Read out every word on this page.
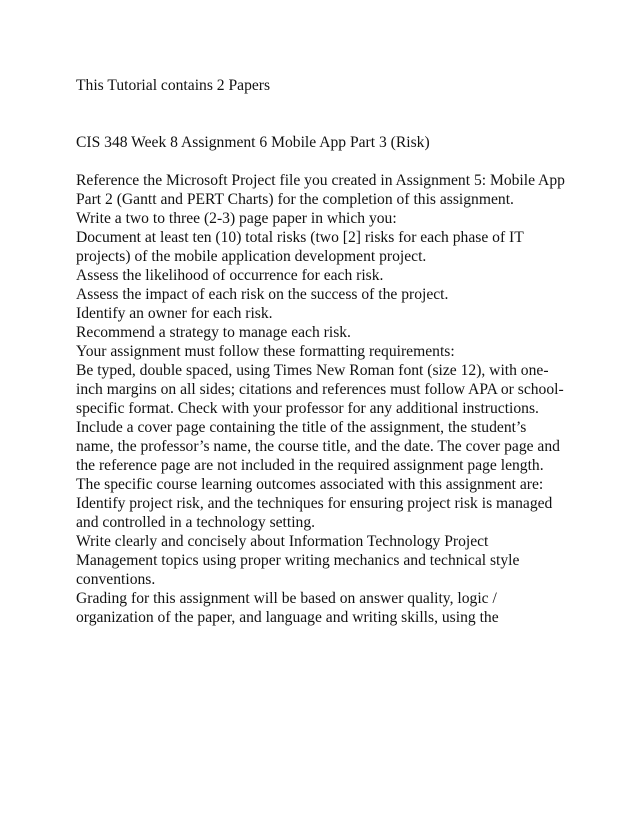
This Tutorial contains 2 Papers

CIS 348 Week 8 Assignment 6 Mobile App Part 3 (Risk)

Reference the Microsoft Project file you created in Assignment 5: Mobile App Part 2 (Gantt and PERT Charts) for the completion of this assignment.

Write a two to three (2-3) page paper in which you:

Document at least ten (10) total risks (two [2] risks for each phase of IT projects) of the mobile application development project.

Assess the likelihood of occurrence for each risk.

Assess the impact of each risk on the success of the project.

Identify an owner for each risk.

Recommend a strategy to manage each risk.

Your assignment must follow these formatting requirements:

Be typed, double spaced, using Times New Roman font (size 12), with one-inch margins on all sides; citations and references must follow APA or school-specific format. Check with your professor for any additional instructions.

Include a cover page containing the title of the assignment, the student’s name, the professor’s name, the course title, and the date. The cover page and the reference page are not included in the required assignment page length.

The specific course learning outcomes associated with this assignment are:

Identify project risk, and the techniques for ensuring project risk is managed and controlled in a technology setting.

Write clearly and concisely about Information Technology Project Management topics using proper writing mechanics and technical style conventions.

Grading for this assignment will be based on answer quality, logic / organization of the paper, and language and writing skills, using the
